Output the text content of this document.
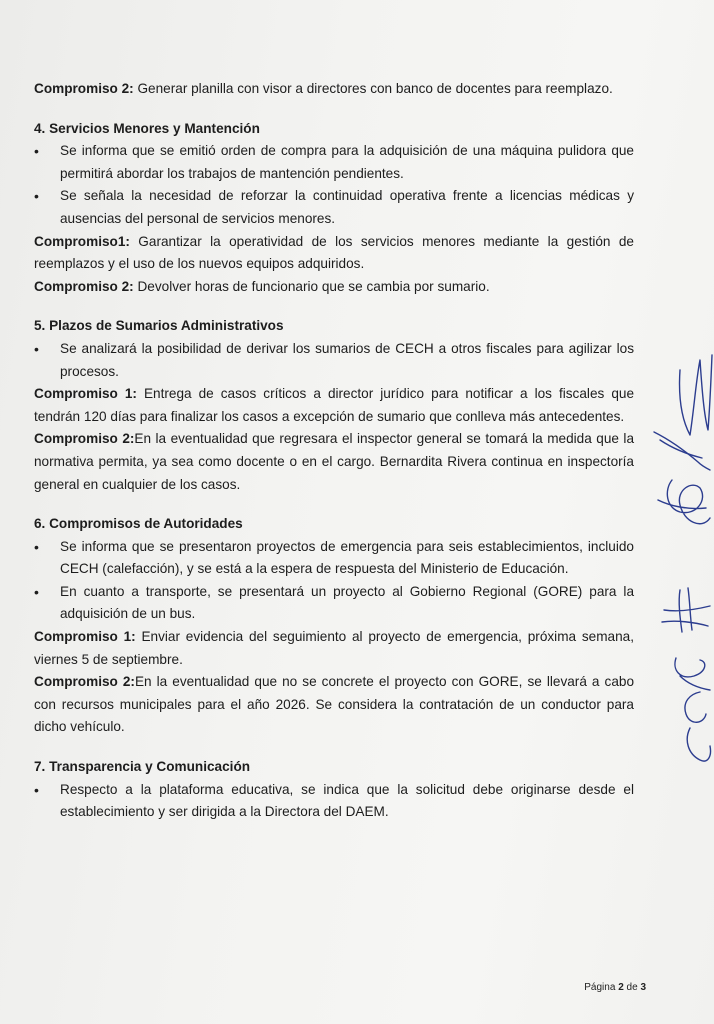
Compromiso 2: Generar planilla con visor a directores con banco de docentes para reemplazo.

4. Servicios Menores y Mantención

• Se informa que se emitió orden de compra para la adquisición de una máquina pulidora que permitirá abordar los trabajos de mantención pendientes.
• Se señala la necesidad de reforzar la continuidad operativa frente a licencias médicas y ausencias del personal de servicios menores.

Compromiso1: Garantizar la operatividad de los servicios menores mediante la gestión de reemplazos y el uso de los nuevos equipos adquiridos.

Compromiso 2: Devolver horas de funcionario que se cambia por sumario.

5. Plazos de Sumarios Administrativos

• Se analizará la posibilidad de derivar los sumarios de CECH a otros fiscales para agilizar los procesos.

Compromiso 1: Entrega de casos críticos a director jurídico para notificar a los fiscales que tendrán 120 días para finalizar los casos a excepción de sumario que conlleva más antecedentes.

Compromiso 2:En la eventualidad que regresara el inspector general se tomará la medida que la normativa permita, ya sea como docente o en el cargo. Bernardita Rivera continua en inspectoría general en cualquier de los casos.

6. Compromisos de Autoridades

• Se informa que se presentaron proyectos de emergencia para seis establecimientos, incluido CECH (calefacción), y se está a la espera de respuesta del Ministerio de Educación.
• En cuanto a transporte, se presentará un proyecto al Gobierno Regional (GORE) para la adquisición de un bus.

Compromiso 1: Enviar evidencia del seguimiento al proyecto de emergencia, próxima semana, viernes 5 de septiembre.

Compromiso 2:En la eventualidad que no se concrete el proyecto con GORE, se llevará a cabo con recursos municipales para el año 2026. Se considera la contratación de un conductor para dicho vehículo.

7. Transparencia y Comunicación

• Respecto a la plataforma educativa, se indica que la solicitud debe originarse desde el establecimiento y ser dirigida a la Directora del DAEM.
Página 2 de 3
